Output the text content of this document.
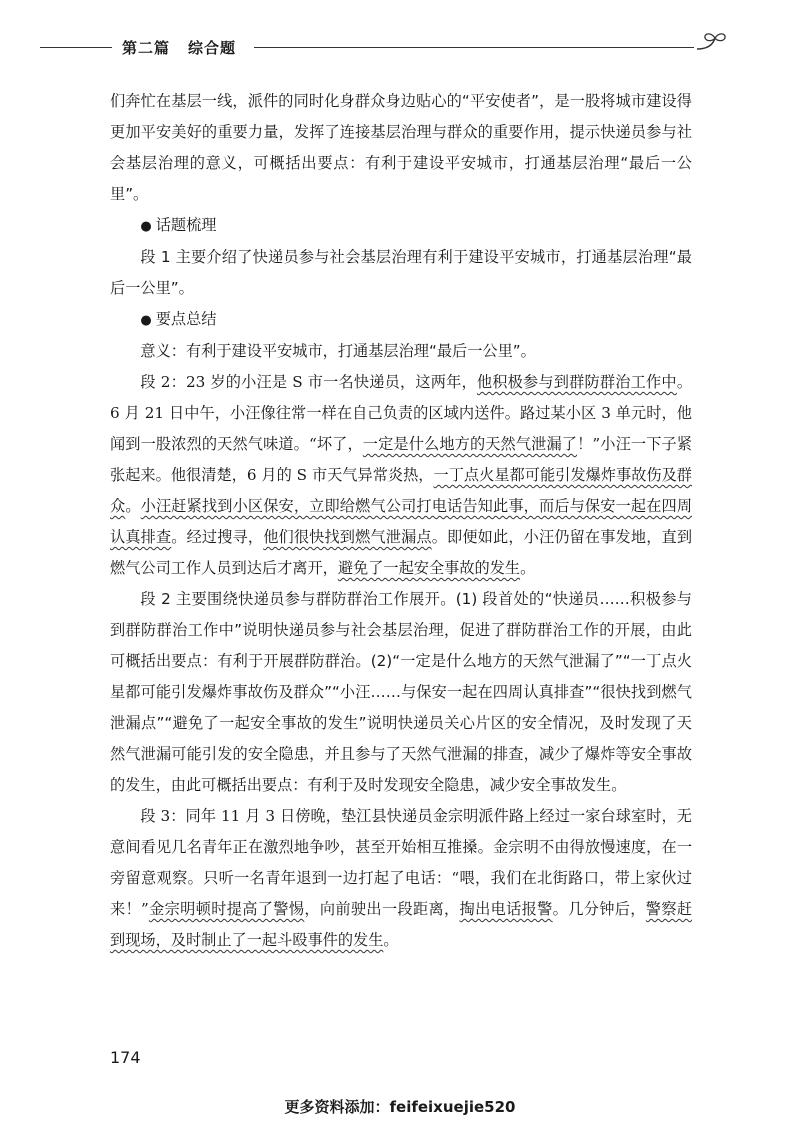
第二篇 综合题

们奔忙在基层一线，派件的同时化身群众身边贴心的“平安使者”，是一股将城市建设得更加平安美好的重要力量，发挥了连接基层治理与群众的重要作用，提示快递员参与社会基层治理的意义，可概括出要点：有利于建设平安城市，打通基层治理“最后一公里”。

● 话题梳理

段 1 主要介绍了快递员参与社会基层治理有利于建设平安城市，打通基层治理“最后一公里”。

● 要点总结

意义：有利于建设平安城市，打通基层治理“最后一公里”。

段 2：23 岁的小汪是 S 市一名快递员，这两年，他积极参与到群防群治工作中。6 月 21 日中午，小汪像往常一样在自己负责的区域内送件。路过某小区 3 单元时，他闻到一股浓烈的天然气味道。“坏了，一定是什么地方的天然气泄漏了！”小汪一下子紧张起来。他很清楚，6 月的 S 市天气异常炎热，一丁点火星都可能引发爆炸事故伤及群众。小汪赶紧找到小区保安，立即给燃气公司打电话告知此事，而后与保安一起在四周认真排查。经过搜寻，他们很快找到燃气泄漏点。即便如此，小汪仍留在事发地，直到燃气公司工作人员到达后才离开，避免了一起安全事故的发生。

段 2 主要围绕快递员参与群防群治工作展开。(1) 段首处的“快递员……积极参与到群防群治工作中”说明快递员参与社会基层治理，促进了群防群治工作的开展，由此可概括出要点：有利于开展群防群治。(2)“一定是什么地方的天然气泄漏了”“一丁点火星都可能引发爆炸事故伤及群众”“小汪……与保安一起在四周认真排查”“很快找到燃气泄漏点”“避免了一起安全事故的发生”说明快递员关心片区的安全情况，及时发现了天然气泄漏可能引发的安全隐患，并且参与了天然气泄漏的排查，减少了爆炸等安全事故的发生，由此可概括出要点：有利于及时发现安全隐患，减少安全事故发生。

段 3：同年 11 月 3 日傍晚，垫江县快递员金宗明派件路上经过一家台球室时，无意间看见几名青年正在激烈地争吵，甚至开始相互推搡。金宗明不由得放慢速度，在一旁留意观察。只听一名青年退到一边打起了电话：“喂，我们在北街路口，带上家伙过来！”金宗明顿时提高了警惕，向前驶出一段距离，掏出电话报警。几分钟后，警察赶到现场，及时制止了一起斗殴事件的发生。

174
更多资料添加：feifeixuejie520
